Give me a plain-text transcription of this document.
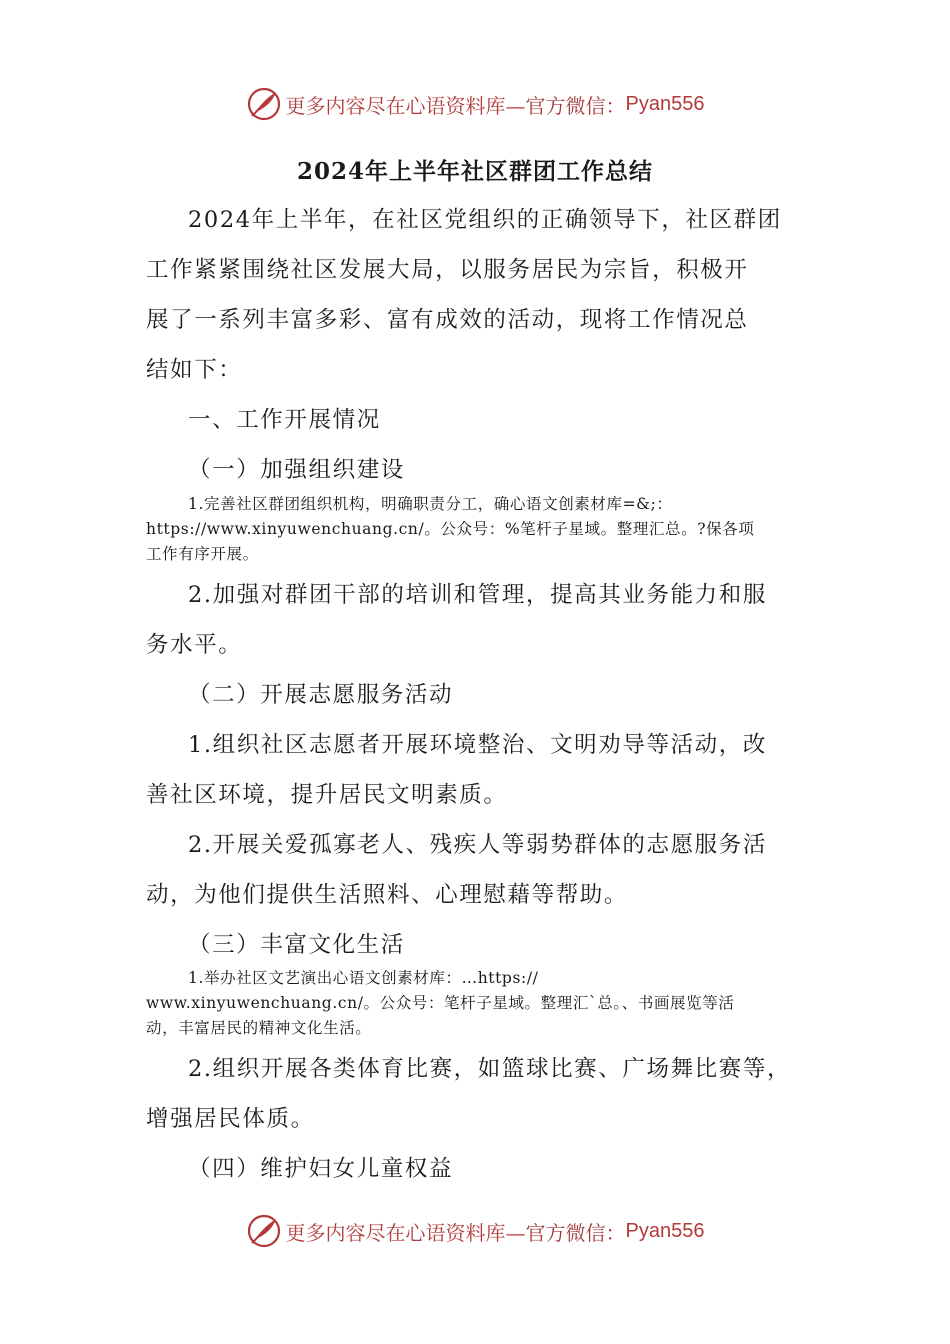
更多内容尽在心语资料库— 官方微信： Pyan556
2024年上半年社区群团工作总结
2024年上半年，在社区党组织的正确领导下，社区群团
工作紧紧围绕社区发展大局，以服务居民为宗旨，积极开
展了一系列丰富多彩、富有成效的活动，现将工作情况总
结如下：
一、工作开展情况
（一）加强组织建设
1.完善社区群团组织机构，明确职责分工，确心语文创素材库=&;：
https://www.xinyuwenchuang.cn/。公众号：%笔杆子星域。整理汇总。?保各项
工作有序开展。
2.加强对群团干部的培训和管理，提高其业务能力和服
务水平。
（二）开展志愿服务活动
1.组织社区志愿者开展环境整治、文明劝导等活动，改
善社区环境，提升居民文明素质。
2.开展关爱孤寡老人、残疾人等弱势群体的志愿服务活
动，为他们提供生活照料、心理慰藉等帮助。
（三）丰富文化生活
1.举办社区文艺演出心语文创素材库：…https://
www.xinyuwenchuang.cn/。公众号：笔杆子星域。整理汇`总。、书画展览等活
动，丰富居民的精神文化生活。
2.组织开展各类体育比赛，如篮球比赛、广场舞比赛等，
增强居民体质。
（四）维护妇女儿童权益
更多内容尽在心语资料库— 官方微信： Pyan556
